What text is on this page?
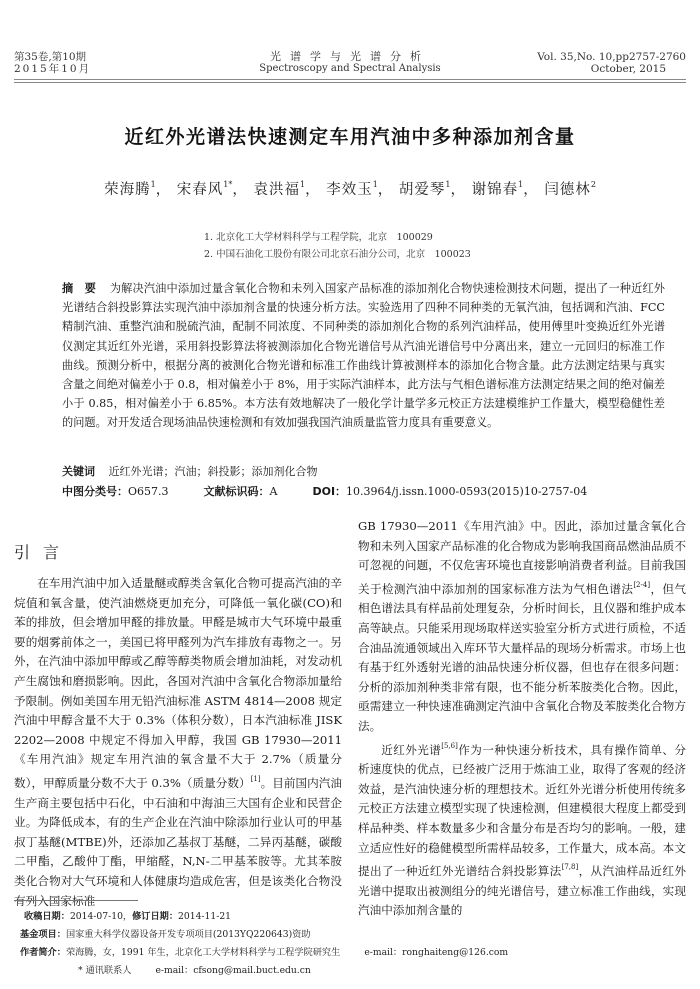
第35卷,第10期
2015年10月
光谱学与光谱分析
Spectroscopy and Spectral Analysis
Vol. 35,No. 10,pp2757-2760
October, 2015
近红外光谱法快速测定车用汽油中多种添加剂含量
荣海腾$^1$， 宋春风$^{1*}$， 袁洪福$^1$， 李效玉$^1$， 胡爱琴$^1$， 谢锦春$^1$， 闫德林$^2$
1. 北京化工大学材料科学与工程学院，北京　100029
2. 中国石油化工股份有限公司北京石油分公司，北京　100023
摘　要 为解决汽油中添加过量含氧化合物和未列入国家产品标准的添加剂化合物快速检测技术问题，提出了一种近红外光谱结合斜投影算法实现汽油中添加剂含量的快速分析方法。实验选用了四种不同种类的无氧汽油，包括调和汽油、FCC 精制汽油、重整汽油和脱硫汽油，配制不同浓度、不同种类的添加剂化合物的系列汽油样品，使用傅里叶变换近红外光谱仪测定其近红外光谱，采用斜投影算法将被测添加化合物光谱信号从汽油光谱信号中分离出来，建立一元回归的标准工作曲线。预测分析中，根据分离的被测化合物光谱和标准工作曲线计算被测样本的添加化合物含量。此方法测定结果与真实含量之间绝对偏差小于 0.8，相对偏差小于 8%，用于实际汽油样本，此方法与气相色谱标准方法测定结果之间的绝对偏差小于 0.85，相对偏差小于 6.85%。本方法有效地解决了一般化学计量学多元校正方法建模维护工作量大，模型稳健性差的问题。对开发适合现场油品快速检测和有效加强我国汽油质量监管力度具有重要意义。
关键词 近红外光谱；汽油；斜投影；添加剂化合物
中图分类号：O657.3	文献标识码：A	DOI：10.3964/j.issn.1000-0593(2015)10-2757-04
引言

在车用汽油中加入适量醚或醇类含氧化合物可提高汽油的辛烷值和氧含量，使汽油燃烧更加充分，可降低一氧化碳(CO)和苯的排放，但会增加甲醛的排放量。甲醛是城市大气环境中最重要的烟雾前体之一，美国已将甲醛列为汽车排放有毒物之一。另外，在汽油中添加甲醇或乙醇等醇类物质会增加油耗，对发动机产生腐蚀和磨损影响。因此，各国对汽油中含氧化合物添加量给予限制。例如美国车用无铅汽油标准 ASTM 4814—2008 规定汽油中甲醇含量不大于 0.3%（体积分数），日本汽油标准 JISK 2202—2008 中规定不得加入甲醇，我国 GB 17930—2011《车用汽油》规定车用汽油的氧含量不大于 2.7%（质量分数），甲醇质量分数不大于 0.3%（质量分数）[1]。目前国内汽油生产商主要包括中石化，中石油和中海油三大国有企业和民营企业。为降低成本，有的生产企业在汽油中除添加行业认可的甲基叔丁基醚(MTBE)外，还添加乙基叔丁基醚，二异丙基醚，碳酸二甲酯，乙酸仲丁酯，甲缩醛，N,N-二甲基苯胺等。尤其苯胺类化合物对大气环境和人体健康均造成危害，但是该类化合物没有列入国家标准

GB 17930—2011《车用汽油》中。因此，添加过量含氧化合物和未列入国家产品标准的化合物成为影响我国商品燃油品质不可忽视的问题，不仅危害环境也直接影响消费者利益。目前我国关于检测汽油中添加剂的国家标准方法为气相色谱法[2-4]，但气相色谱法具有样品前处理复杂，分析时间长，且仪器和维护成本高等缺点。只能采用现场取样送实验室分析方式进行质检，不适合油品流通领域出入库环节大量样品的现场分析需求。市场上也有基于红外透射光谱的油品快速分析仪器，但也存在很多问题：分析的添加剂种类非常有限，也不能分析苯胺类化合物。因此，亟需建立一种快速准确测定汽油中含氧化合物及苯胺类化合物方法。

近红外光谱[5,6]作为一种快速分析技术，具有操作简单、分析速度快的优点，已经被广泛用于炼油工业，取得了客观的经济效益，是汽油快速分析的理想技术。近红外光谱分析使用传统多元校正方法建立模型实现了快速检测，但建模很大程度上都受到样品种类、样本数量多少和含量分布是否均匀的影响。一般，建立适应性好的稳健模型所需样品较多，工作量大，成本高。本文提出了一种近红外光谱结合斜投影算法[7,8]，从汽油样品近红外光谱中提取出被测组分的纯光谱信号，建立标准工作曲线，实现汽油中添加剂含量的

收稿日期：2014-07-10，修订日期：2014-11-21
基金项目：国家重大科学仪器设备开发专项项目(2013YQ220643)资助
作者简介：荣海腾，女，1991 年生，北京化工大学材料科学与工程学院研究生	e-mail：ronghaiteng@126.com
* 通讯联系人	e-mail：cfsong@mail.buct.edu.cn
